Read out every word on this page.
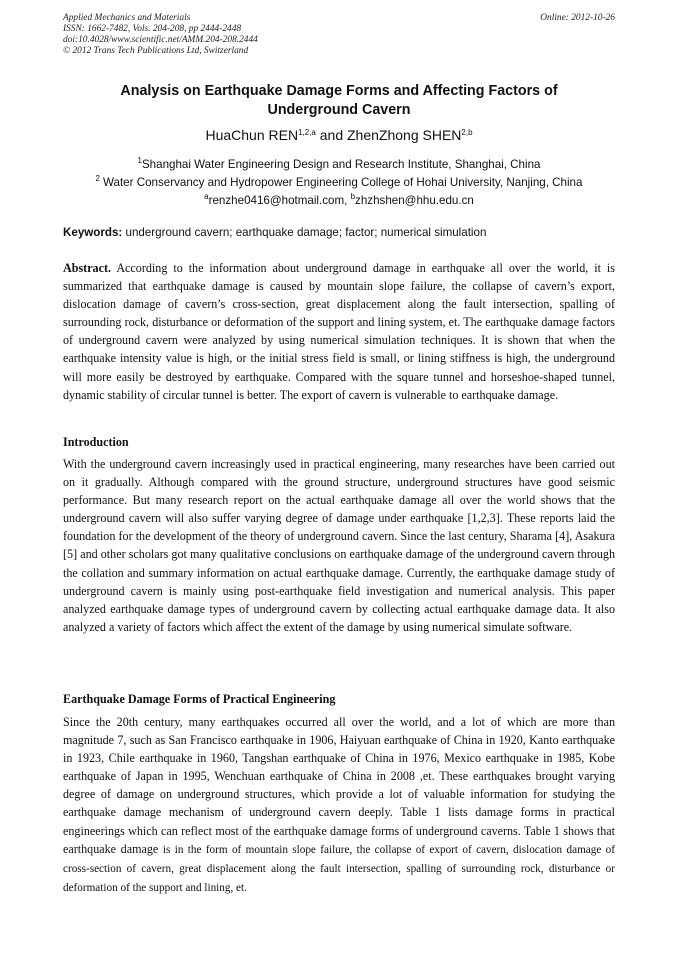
Applied Mechanics and Materials
ISSN: 1662-7482, Vols. 204-208, pp 2444-2448
doi:10.4028/www.scientific.net/AMM.204-208.2444
© 2012 Trans Tech Publications Ltd, Switzerland
Online: 2012-10-26
Analysis on Earthquake Damage Forms and Affecting Factors of
Underground Cavern
HuaChun REN$^{1,2,a}$ and ZhenZhong SHEN$^{2,b}$
$^1$Shanghai Water Engineering Design and Research Institute, Shanghai, China
$^2$ Water Conservancy and Hydropower Engineering College of Hohai University, Nanjing, China
$^a$renzhe0416@hotmail.com, $^b$zhzhshen@hhu.edu.cn
Keywords: underground cavern; earthquake damage; factor; numerical simulation
Abstract. According to the information about underground damage in earthquake all over the world, it is summarized that earthquake damage is caused by mountain slope failure, the collapse of cavern’s export, dislocation damage of cavern’s cross-section, great displacement along the fault intersection, spalling of surrounding rock, disturbance or deformation of the support and lining system, et. The earthquake damage factors of underground cavern were analyzed by using numerical simulation techniques. It is shown that when the earthquake intensity value is high, or the initial stress field is small, or lining stiffness is high, the underground will more easily be destroyed by earthquake. Compared with the square tunnel and horseshoe-shaped tunnel, dynamic stability of circular tunnel is better. The export of cavern is vulnerable to earthquake damage.
Introduction
With the underground cavern increasingly used in practical engineering, many researches have been carried out on it gradually. Although compared with the ground structure, underground structures have good seismic performance. But many research report on the actual earthquake damage all over the world shows that the underground cavern will also suffer varying degree of damage under earthquake [1,2,3]. These reports laid the foundation for the development of the theory of underground cavern. Since the last century, Sharama [4], Asakura [5] and other scholars got many qualitative conclusions on earthquake damage of the underground cavern through the collation and summary information on actual earthquake damage. Currently, the earthquake damage study of underground cavern is mainly using post-earthquake field investigation and numerical analysis. This paper analyzed earthquake damage types of underground cavern by collecting actual earthquake damage data. It also analyzed a variety of factors which affect the extent of the damage by using numerical simulate software.
Earthquake Damage Forms of Practical Engineering
Since the 20th century, many earthquakes occurred all over the world, and a lot of which are more than magnitude 7, such as San Francisco earthquake in 1906, Haiyuan earthquake of China in 1920, Kanto earthquake in 1923, Chile earthquake in 1960, Tangshan earthquake of China in 1976, Mexico earthquake in 1985, Kobe earthquake of Japan in 1995, Wenchuan earthquake of China in 2008 ,et. These earthquakes brought varying degree of damage on underground structures, which provide a lot of valuable information for studying the earthquake damage mechanism of underground cavern deeply. Table 1 lists damage forms in practical engineerings which can reflect most of the earthquake damage forms of underground caverns. Table 1 shows that earthquake damage is in the form of mountain slope failure, the collapse of export of cavern, dislocation damage of cross-section of cavern, great displacement along the fault intersection, spalling of surrounding rock, disturbance or deformation of the support and lining, et.
